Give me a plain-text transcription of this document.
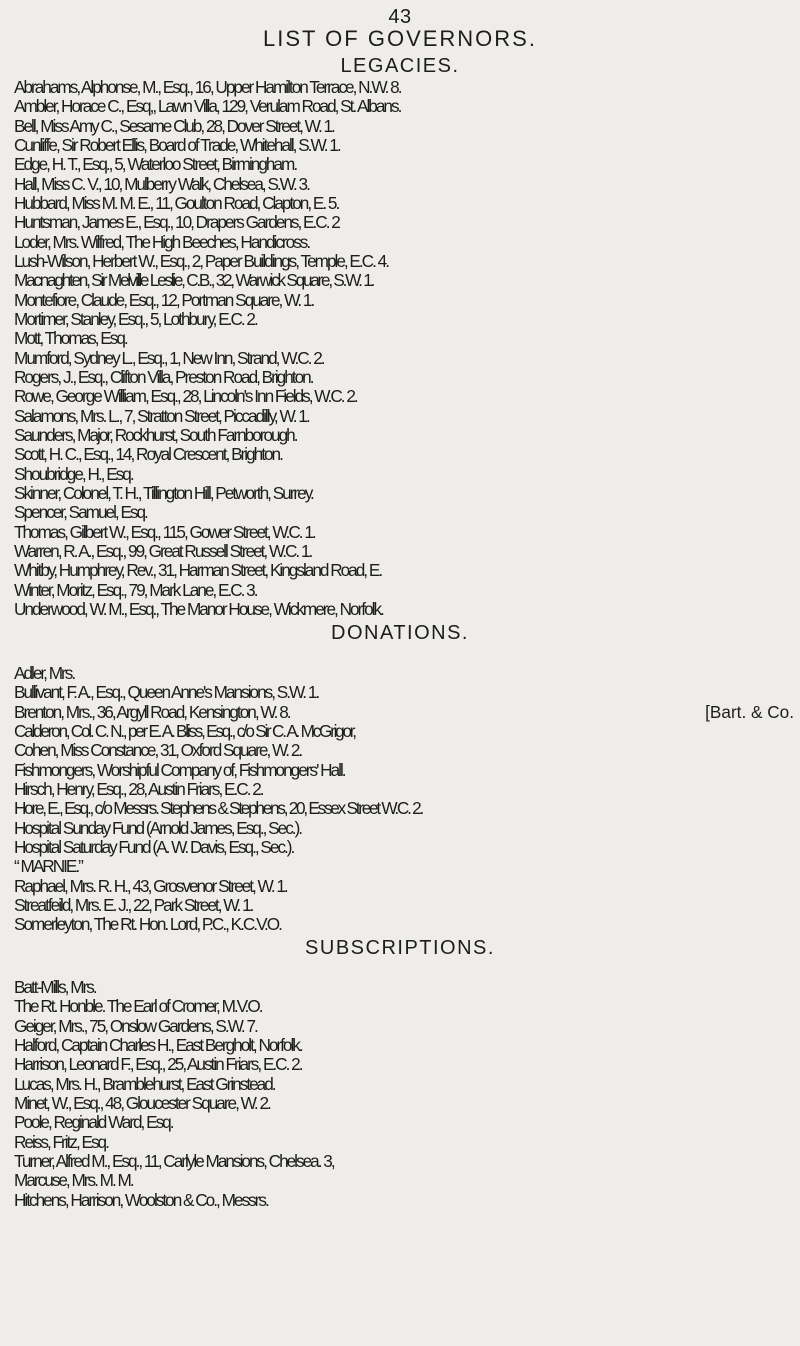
43
LIST OF GOVERNORS.
LEGACIES.
Abrahams, Alphonse, M., Esq., 16, Upper Hamilton Terrace, N.W. 8.
Ambler, Horace C., Esq,, Lawn Villa, 129, Verulam Road, St. Albans.
Bell, Miss Amy C., Sesame Club, 28, Dover Street, W. 1.
Cunliffe, Sir Robert Ellis, Board of Trade, Whitehall, S.W. 1.
Edge, H. T., Esq., 5, Waterloo Street, Birmingham.
Hall, Miss C. V., 10, Mulberry Walk, Chelsea, S.W. 3.
Hubbard, Miss M. M. E., 11, Goulton Road, Clapton, E. 5.
Huntsman, James E., Esq., 10, Drapers Gardens, E.C. 2
Loder, Mrs. Wilfred, The High Beeches, Handicross.
Lush-Wilson, Herbert W., Esq., 2, Paper Buildings, Temple, E.C. 4.
Macnaghten, Sir Melville Leslie, C.B., 32, Warwick Square, S.W. 1.
Montefiore, Claude, Esq., 12, Portman Square, W. 1.
Mortimer, Stanley, Esq., 5, Lothbury, E.C. 2.
Mott, Thomas, Esq.
Mumford, Sydney L., Esq., 1, New Inn, Strand, W.C. 2.
Rogers, J., Esq., Clifton Villa, Preston Road, Brighton.
Rowe, George William, Esq., 28, Lincoln's Inn Fields, W.C. 2.
Salamons, Mrs. L., 7, Stratton Street, Piccadilly, W. 1.
Saunders, Major, Rockhurst, South Farnborough.
Scott, H. C., Esq., 14, Royal Crescent, Brighton.
Shoubridge, H., Esq.
Skinner, Colonel, T. H., Tillington Hill, Petworth, Surrey.
Spencer, Samuel, Esq.
Thomas, Gilbert W., Esq., 115, Gower Street, W.C. 1.
Warren, R. A., Esq., 99, Great Russell Street, W.C. 1.
Whitby, Humphrey, Rev., 31, Harman Street, Kingsland Road, E.
Winter, Moritz, Esq., 79, Mark Lane, E.C. 3.
Underwood, W. M., Esq., The Manor House, Wickmere, Norfolk.
DONATIONS.
Adler, Mrs.
Bullivant, F. A., Esq., Queen Anne's Mansions, S.W. 1.
Brenton, Mrs., 36, Argyll Road, Kensington, W. 8.
Calderon, Col. C. N., per E. A. Bliss, Esq., c/o Sir C. A. McGrigor,
Cohen, Miss Constance, 31, Oxford Square, W. 2.
Fishmongers, Worshipful Company of, Fishmongers' Hall.
Hirsch, Henry, Esq., 28, Austin Friars, E.C. 2.
Hore, E., Esq., c/o Messrs. Stephens & Stephens, 20, Essex Street W.C. 2.
Hospital Sunday Fund (Arnold James, Esq., Sec.).
Hospital Saturday Fund (A. W. Davis, Esq., Sec.).
“ MARNIE.”
Raphael, Mrs. R. H., 43, Grosvenor Street, W. 1.
Streatfeild, Mrs. E. J., 22, Park Street, W. 1.
Somerleyton, The Rt. Hon. Lord, P.C., K.C.V.O.
[Bart. & Co.
SUBSCRIPTIONS.
Batt-Mills, Mrs.
The Rt. Honble. The Earl of Cromer, M.V.O.
Geiger, Mrs., 75, Onslow Gardens, S.W. 7.
Halford, Captain Charles H., East Bergholt, Norfolk.
Harrison, Leonard F., Esq., 25, Austin Friars, E.C. 2.
Lucas, Mrs. H., Bramblehurst, East Grinstead.
Minet, W., Esq., 48, Gloucester Square, W. 2.
Poole, Reginald Ward, Esq.
Reiss, Fritz, Esq.
Turner, Alfred M., Esq., 11, Carlyle Mansions, Chelsea. 3,
Marcuse, Mrs. M. M.
Hitchens, Harrison, Woolston & Co., Messrs.
